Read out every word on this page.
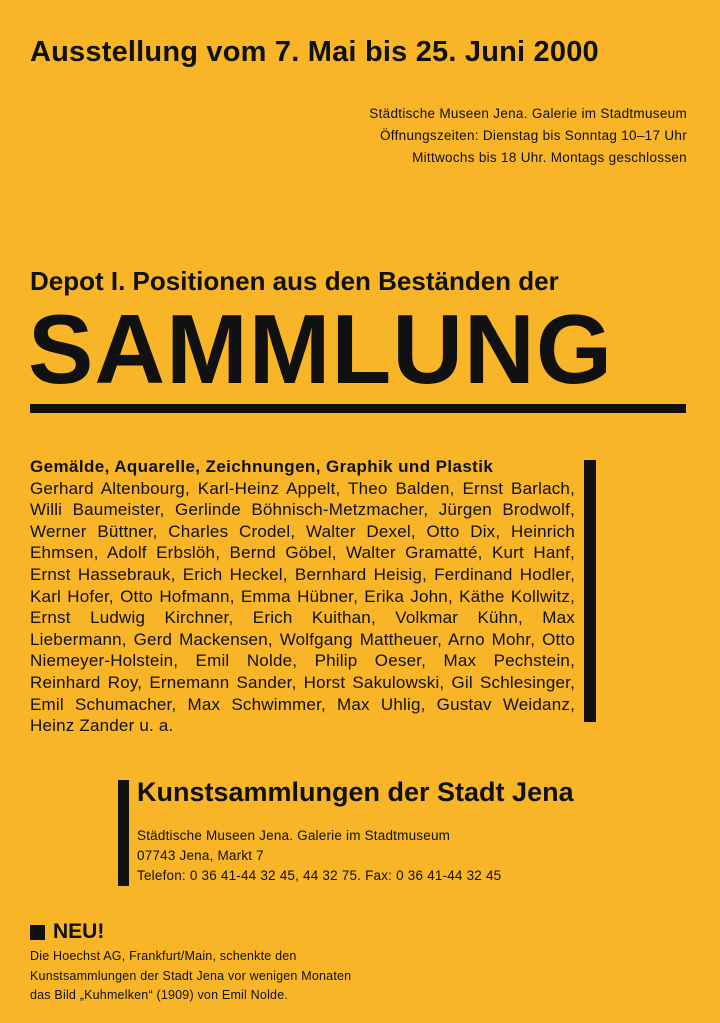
Ausstellung vom 7. Mai bis 25. Juni 2000
Städtische Museen Jena. Galerie im Stadtmuseum
Öffnungszeiten: Dienstag bis Sonntag 10–17 Uhr
Mittwochs bis 18 Uhr. Montags geschlossen
Depot I. Positionen aus den Beständen der
SAMMLUNG
Gemälde, Aquarelle, Zeichnungen, Graphik und Plastik
Gerhard Altenbourg, Karl-Heinz Appelt, Theo Balden, Ernst Barlach, Willi Baumeister, Gerlinde Böhnisch-Metzmacher, Jürgen Brodwolf, Werner Büttner, Charles Crodel, Walter Dexel, Otto Dix, Heinrich Ehmsen, Adolf Erbslöh, Bernd Göbel, Walter Gramatté, Kurt Hanf, Ernst Hassebrauk, Erich Heckel, Bernhard Heisig, Ferdinand Hodler, Karl Hofer, Otto Hofmann, Emma Hübner, Erika John, Käthe Kollwitz, Ernst Ludwig Kirchner, Erich Kuithan, Volkmar Kühn, Max Liebermann, Gerd Mackensen, Wolfgang Mattheuer, Arno Mohr, Otto Niemeyer-Holstein, Emil Nolde, Philip Oeser, Max Pechstein, Reinhard Roy, Ernemann Sander, Horst Sakulowski, Gil Schlesinger, Emil Schumacher, Max Schwimmer, Max Uhlig, Gustav Weidanz, Heinz Zander u. a.
Kunstsammlungen der Stadt Jena
Städtische Museen Jena. Galerie im Stadtmuseum
07743 Jena, Markt 7
Telefon: 0 36 41-44 32 45, 44 32 75. Fax: 0 36 41-44 32 45
NEU!
Die Hoechst AG, Frankfurt/Main, schenkte den
Kunstsammlungen der Stadt Jena vor wenigen Monaten
das Bild „Kuhmelken“ (1909) von Emil Nolde.
